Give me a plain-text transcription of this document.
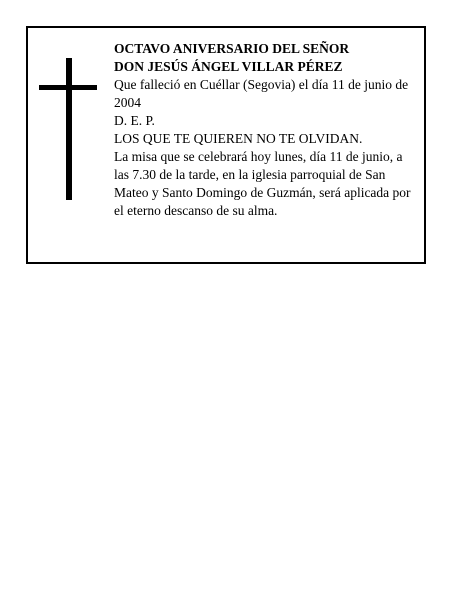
OCTAVO ANIVERSARIO DEL SEÑOR

DON JESÚS ÁNGEL VILLAR PÉREZ

Que falleció en Cuéllar (Segovia) el día 11 de junio de 2004

D. E. P.

LOS QUE TE QUIEREN NO TE OLVIDAN.

La misa que se celebrará hoy lunes, día 11 de junio, a las 7.30 de la tarde, en la iglesia parroquial de San Mateo y Santo Domingo de Guzmán, será aplicada por el eterno descanso de su alma.
